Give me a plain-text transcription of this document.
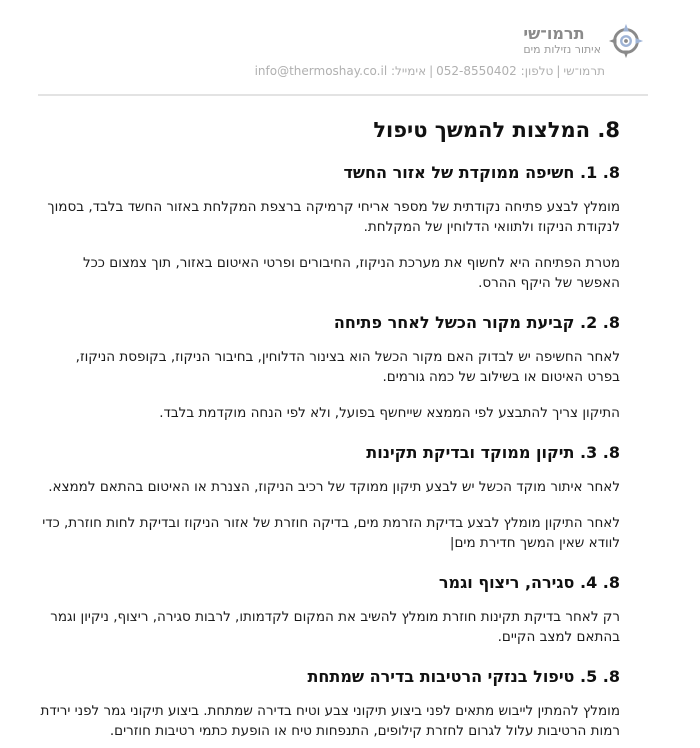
תרמו־שי
איתור נזילות מים
תרמו־שי|טלפון: 052-8550402|אימייל: info@thermoshay.co.il
8. המלצות להמשך טיפול
8. 1. חשיפה ממוקדת של אזור החשד

מומלץ לבצע פתיחה נקודתית של מספר אריחי קרמיקה ברצפת המקלחת באזור החשד בלבד, בסמוך לנקודת הניקוז ולתוואי הדלוחין של המקלחת.

מטרת הפתיחה היא לחשוף את מערכת הניקוז, החיבורים ופרטי האיטום באזור, תוך צמצום ככל האפשר של היקף ההרס.

8. 2. קביעת מקור הכשל לאחר פתיחה

לאחר החשיפה יש לבדוק האם מקור הכשל הוא בצינור הדלוחין, בחיבור הניקוז, בקופסת הניקוז, בפרט האיטום או בשילוב של כמה גורמים.

התיקון צריך להתבצע לפי הממצא שייחשף בפועל, ולא לפי הנחה מוקדמת בלבד.

8. 3. תיקון ממוקד ובדיקת תקינות

לאחר איתור מוקד הכשל יש לבצע תיקון ממוקד של רכיב הניקוז, הצנרת או האיטום בהתאם לממצא.

לאחר התיקון מומלץ לבצע בדיקת הזרמת מים, בדיקה חוזרת של אזור הניקוז ובדיקת לחות חוזרת, כדי לוודא שאין המשך חדירת מים|

8. 4. סגירה, ריצוף וגמר

רק לאחר בדיקת תקינות חוזרת מומלץ להשיב את המקום לקדמותו, לרבות סגירה, ריצוף, ניקיון וגמר בהתאם למצב הקיים.

8. 5. טיפול בנזקי הרטיבות בדירה שמתחת

מומלץ להמתין לייבוש מתאים לפני ביצוע תיקוני צבע וטיח בדירה שמתחת. ביצוע תיקוני גמר לפני ירידת רמות הרטיבות עלול לגרום לחזרת קילופים, התנפחות טיח או הופעת כתמי רטיבות חוזרים.
